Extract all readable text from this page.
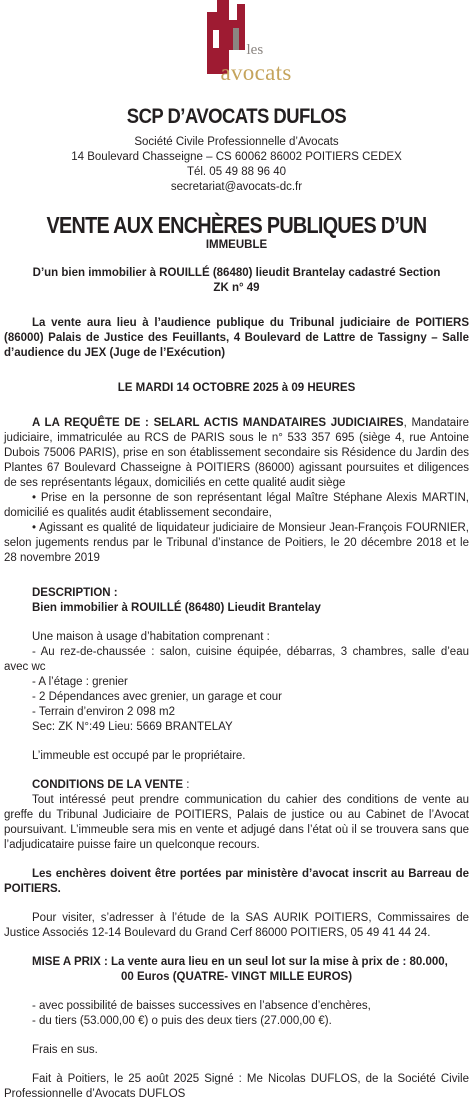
les
avocats
SCP D’AVOCATS DUFLOS
Société Civile Professionnelle d’Avocats
14 Boulevard Chasseigne – CS 60062 86002 POITIERS CEDEX
Tél. 05 49 88 96 40
secretariat@avocats-dc.fr
VENTE AUX ENCHÈRES PUBLIQUES D’UN
IMMEUBLE

D’un bien immobilier à ROUILLÉ (86480) lieudit Brantelay cadastré Section ZK n° 49

La vente aura lieu à l’audience publique du Tribunal judiciaire de POITIERS (86000) Palais de Justice des Feuillants, 4 Boulevard de Lattre de Tassigny – Salle d’audience du JEX (Juge de l’Exécution)

LE MARDI 14 OCTOBRE 2025 à 09 HEURES

A LA REQUÊTE DE : SELARL ACTIS MANDATAIRES JUDICIAIRES, Mandataire judiciaire, immatriculée au RCS de PARIS sous le n° 533 357 695 (siège 4, rue Antoine Dubois 75006 PARIS), prise en son établissement secondaire sis Résidence du Jardin des Plantes 67 Boulevard Chasseigne à POITIERS (86000) agissant poursuites et diligences de ses représentants légaux, domiciliés en cette qualité audit siège

• Prise en la personne de son représentant légal Maître Stéphane Alexis MARTIN, domicilié es qualités audit établissement secondaire,

• Agissant es qualité de liquidateur judiciaire de Monsieur Jean-François FOURNIER, selon jugements rendus par le Tribunal d’instance de Poitiers, le 20 décembre 2018 et le 28 novembre 2019

DESCRIPTION :

Bien immobilier à ROUILLÉ (86480) Lieudit Brantelay

Une maison à usage d’habitation comprenant :

- Au rez-de-chaussée : salon, cuisine équipée, débarras, 3 chambres, salle d’eau avec wc

- A l’étage : grenier

- 2 Dépendances avec grenier, un garage et cour

- Terrain d’environ 2 098 m2

Sec: ZK N°:49 Lieu: 5669 BRANTELAY

L’immeuble est occupé par le propriétaire.

CONDITIONS DE LA VENTE :

Tout intéressé peut prendre communication du cahier des conditions de vente au greffe du Tribunal Judiciaire de POITIERS, Palais de justice ou au Cabinet de l’Avocat poursuivant. L’immeuble sera mis en vente et adjugé dans l’état où il se trouvera sans que l’adjudicataire puisse faire un quelconque recours.

Les enchères doivent être portées par ministère d’avocat inscrit au Barreau de POITIERS.

Pour visiter, s’adresser à l’étude de la SAS AURIK POITIERS, Commissaires de Justice Associés 12-14 Boulevard du Grand Cerf 86000 POITIERS, 05 49 41 44 24.

MISE A PRIX : La vente aura lieu en un seul lot sur la mise à prix de : 80.000,

00 Euros (QUATRE- VINGT MILLE EUROS)

- avec possibilité de baisses successives en l’absence d’enchères,

- du tiers (53.000,00 €) o puis des deux tiers (27.000,00 €).

Frais en sus.

Fait à Poitiers, le 25 août 2025 Signé : Me Nicolas DUFLOS, de la Société Civile Professionnelle d’Avocats DUFLOS
